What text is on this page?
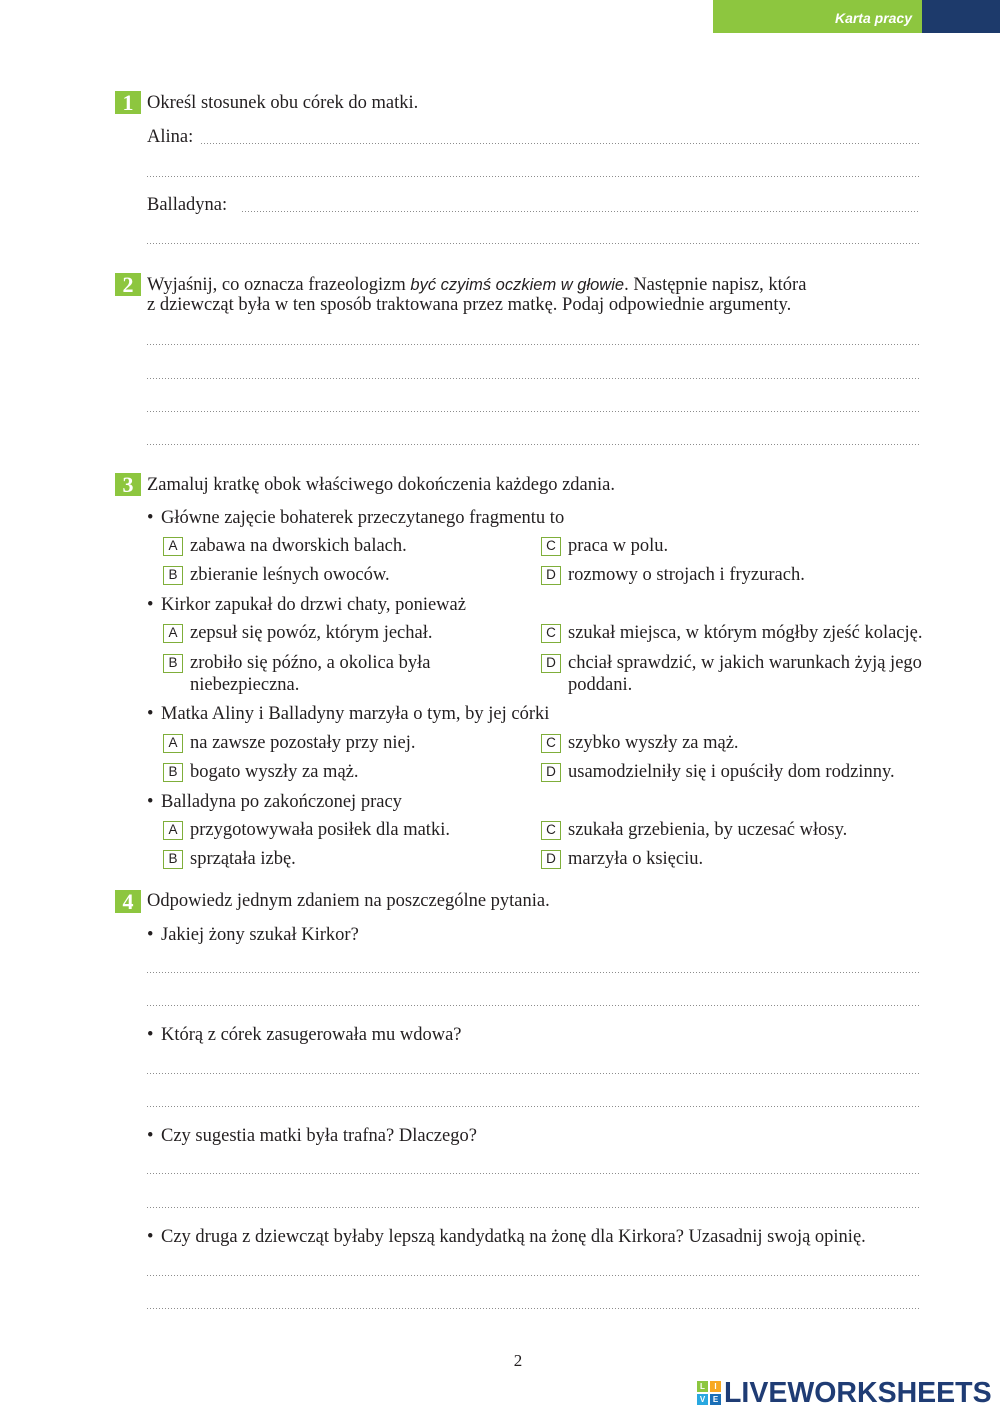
Karta pracy
1 Określ stosunek obu córek do matki.
Alina:
Balladyna:
2 Wyjaśnij, co oznacza frazeologizm być czyimś oczkiem w głowie. Następnie napisz, która
z dziewcząt była w ten sposób traktowana przez matkę. Podaj odpowiednie argumenty.
3 Zamaluj kratkę obok właściwego dokończenia każdego zdania.
• Główne zajęcie bohaterek przeczytanego fragmentu to
A zabawa na dworskich balach.
B zbieranie leśnych owoców.
C praca w polu.
D rozmowy o strojach i fryzurach.
• Kirkor zapukał do drzwi chaty, ponieważ
A zepsuł się powóz, którym jechał.
B zrobiło się późno, a okolica była
niebezpieczna.
C szukał miejsca, w którym mógłby zjeść kolację.
D chciał sprawdzić, w jakich warunkach żyją jego
poddani.
• Matka Aliny i Balladyny marzyła o tym, by jej córki
A na zawsze pozostały przy niej.
B bogato wyszły za mąż.
C szybko wyszły za mąż.
D usamodzielniły się i opuściły dom rodzinny.
• Balladyna po zakończonej pracy
A przygotowywała posiłek dla matki.
B sprzątała izbę.
C szukała grzebienia, by uczesać włosy.
D marzyła o księciu.
4 Odpowiedz jednym zdaniem na poszczególne pytania.
• Jakiej żony szukał Kirkor?
• Którą z córek zasugerowała mu wdowa?
• Czy sugestia matki była trafna? Dlaczego?
• Czy druga z dziewcząt byłaby lepszą kandydatką na żonę dla Kirkora? Uzasadnij swoją opinię.
2
L	I
V E LIVEWORKSHEETS
